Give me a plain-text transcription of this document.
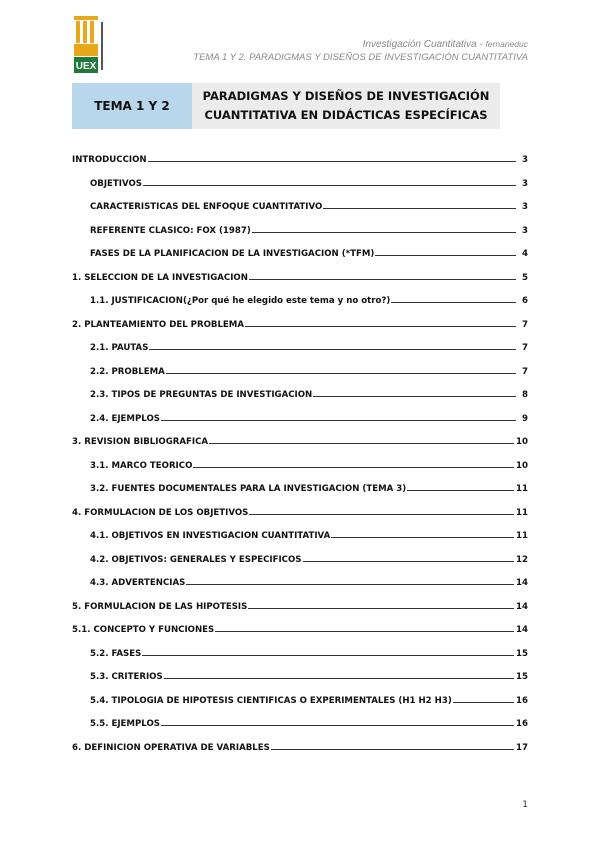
UEX
Investigación Cuantitativa - fernaneduc
TEMA 1 Y 2. PARADIGMAS Y DISEÑOS DE INVESTIGACIÓN CUANTITATIVA
TEMA 1 Y 2
PARADIGMAS Y DISEÑOS DE INVESTIGACIÓN
CUANTITATIVA EN DIDÁCTICAS ESPECÍFICAS
INTRODUCCIÓN	3
OBJETIVOS	3
CARACTERÍSTICAS DEL ENFOQUE CUANTITATIVO	3
REFERENTE CLÁSICO: FOX (1987)	3
FASES DE LA PLANIFICACIÓN DE LA INVESTIGACIÓN (*TFM)	4
1. SELECCIÓN DE LA INVESTIGACIÓN	5
1.1. JUSTIFICACIÓN (¿Por qué he elegido este tema y no otro?)	6
2. PLANTEAMIENTO DEL PROBLEMA	7
2.1. PAUTAS	7
2.2. PROBLEMA	7
2.3. TIPOS DE PREGUNTAS DE INVESTIGACIÓN	8
2.4. EJEMPLOS	9
3. REVISIÓN BIBLIOGRÁFICA	10
3.1. MARCO TEÓRICO	10
3.2. FUENTES DOCUMENTALES PARA LA INVESTIGACIÓN (TEMA 3)	11
4. FORMULACIÓN DE LOS OBJETIVOS	11
4.1. OBJETIVOS EN INVESTIGACIÓN CUANTITATIVA	11
4.2. OBJETIVOS: GENERALES Y ESPECÍFICOS	12
4.3. ADVERTENCIAS	14
5. FORMULACIÓN DE LAS HIPÓTESIS	14
5.1. CONCEPTO Y FUNCIONES	14
5.2. FASES	15
5.3. CRITERIOS	15
5.4. TIPOLOGÍA DE HIPÓTESIS CIENTÍFICAS O EXPERIMENTALES (H1 H2 H3)	16
5.5. EJEMPLOS	16
6. DEFINICIÓN OPERATIVA DE VARIABLES	17
1
